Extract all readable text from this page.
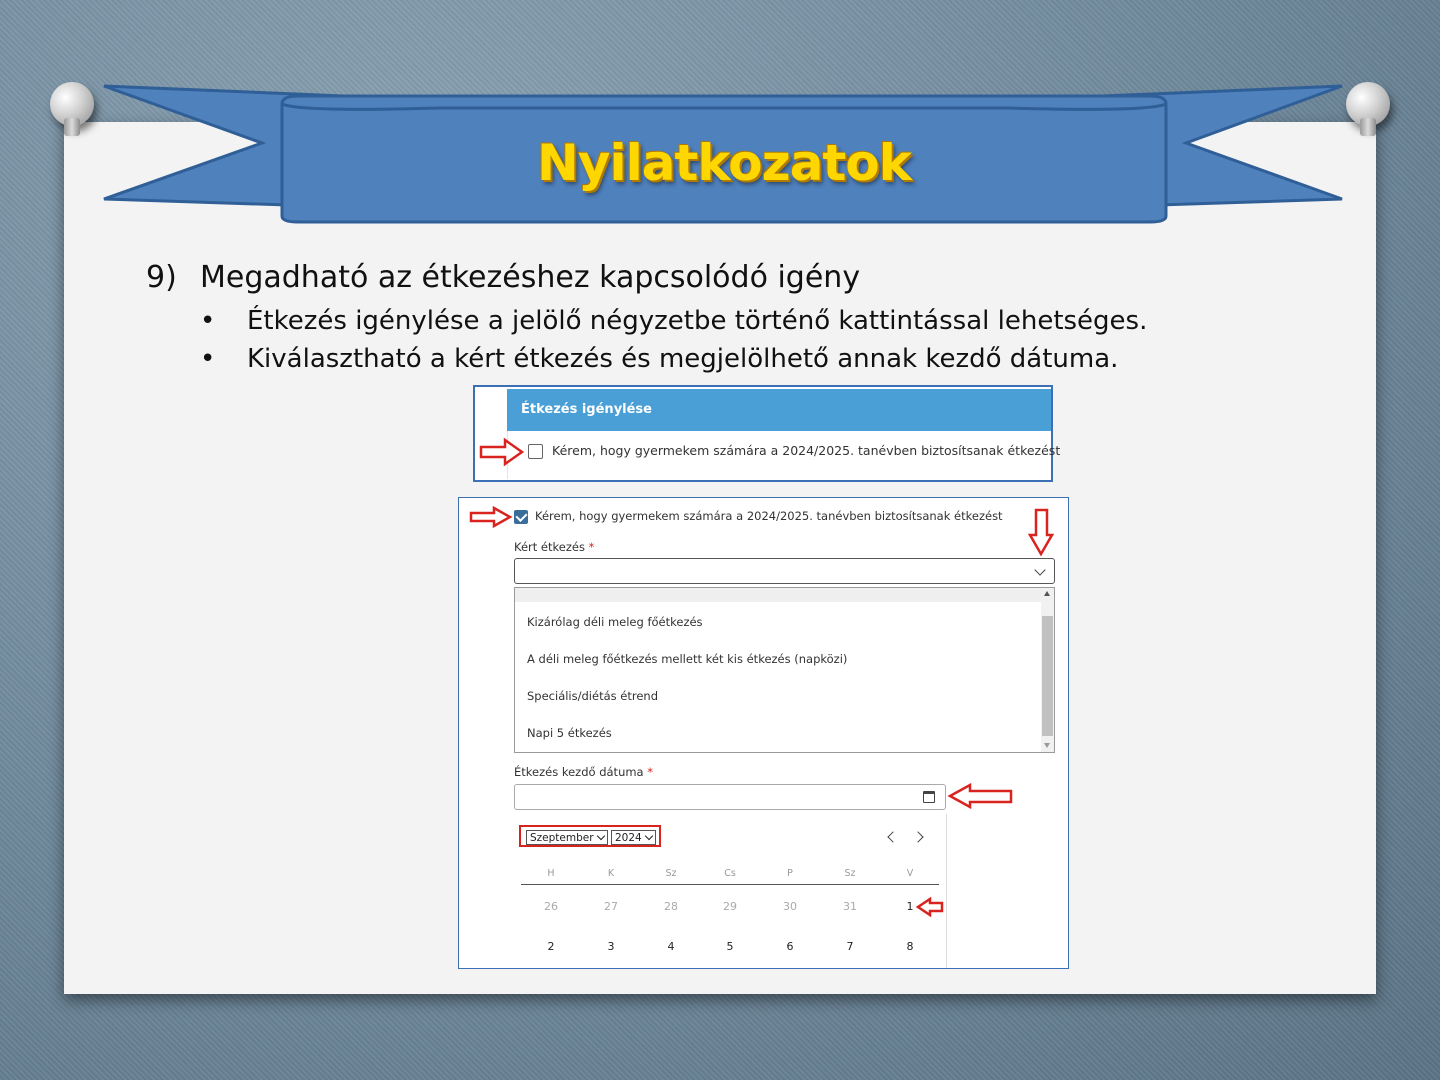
Nyilatkozatok
9) Megadható az étkezéshez kapcsolódó igény
• Étkezés igénylése a jelölő négyzetbe történő kattintással lehetséges.
• Kiválasztható a kért étkezés és megjelölhető annak kezdő dátuma.
Étkezés igénylése
Kérem, hogy gyermekem számára a 2024/2025. tanévben biztosítsanak étkezést
Kérem, hogy gyermekem számára a 2024/2025. tanévben biztosítsanak étkezést
Kért étkezés *
Kizárólag déli meleg főétkezés
A déli meleg főétkezés mellett két kis étkezés (napközi)
Speciális/diétás étrend
Napi 5 étkezés
Étkezés kezdő dátuma *
Szeptember	2024
H	K	Sz	Cs	P	Sz	V
26	27	28	29	30	31	1
2	3	4	5	6	7	8
